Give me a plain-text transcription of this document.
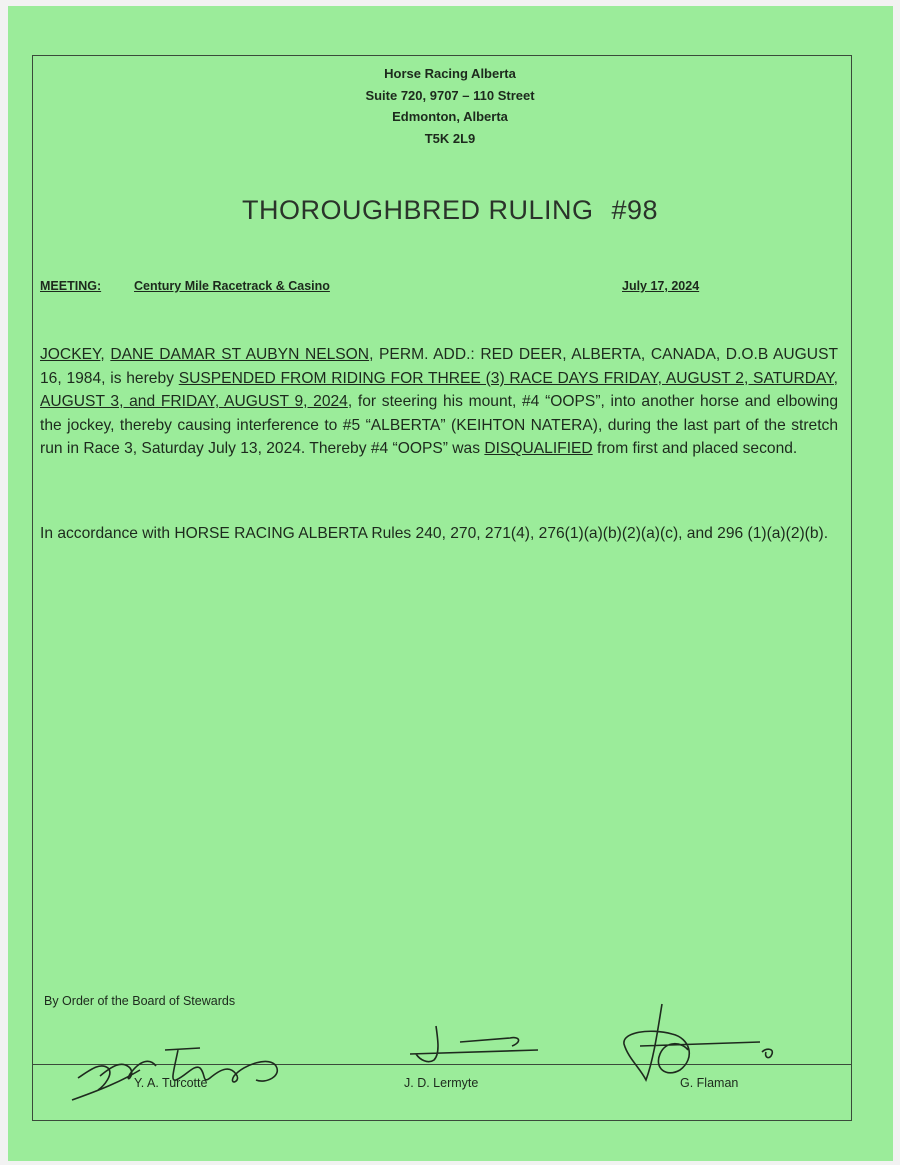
Horse Racing Alberta
Suite 720, 9707 – 110 Street
Edmonton, Alberta
T5K 2L9
THOROUGHBRED RULING #98
MEETING:	Century Mile Racetrack & Casino	July 17, 2024
JOCKEY, DANE DAMAR ST AUBYN NELSON, PERM. ADD.: RED DEER, ALBERTA, CANADA, D.O.B AUGUST 16, 1984, is hereby SUSPENDED FROM RIDING FOR THREE (3) RACE DAYS FRIDAY, AUGUST 2, SATURDAY, AUGUST 3, and FRIDAY, AUGUST 9, 2024, for steering his mount, #4 “OOPS”, into another horse and elbowing the jockey, thereby causing interference to #5 “ALBERTA” (KEIHTON NATERA), during the last part of the stretch run in Race 3, Saturday July 13, 2024. Thereby #4 “OOPS” was DISQUALIFIED from first and placed second.
In accordance with HORSE RACING ALBERTA Rules 240, 270, 271(4), 276(1)(a)(b)(2)(a)(c), and 296 (1)(a)(2)(b).
By Order of the Board of Stewards
Y. A. Turcotte	J. D. Lermyte	G. Flaman
